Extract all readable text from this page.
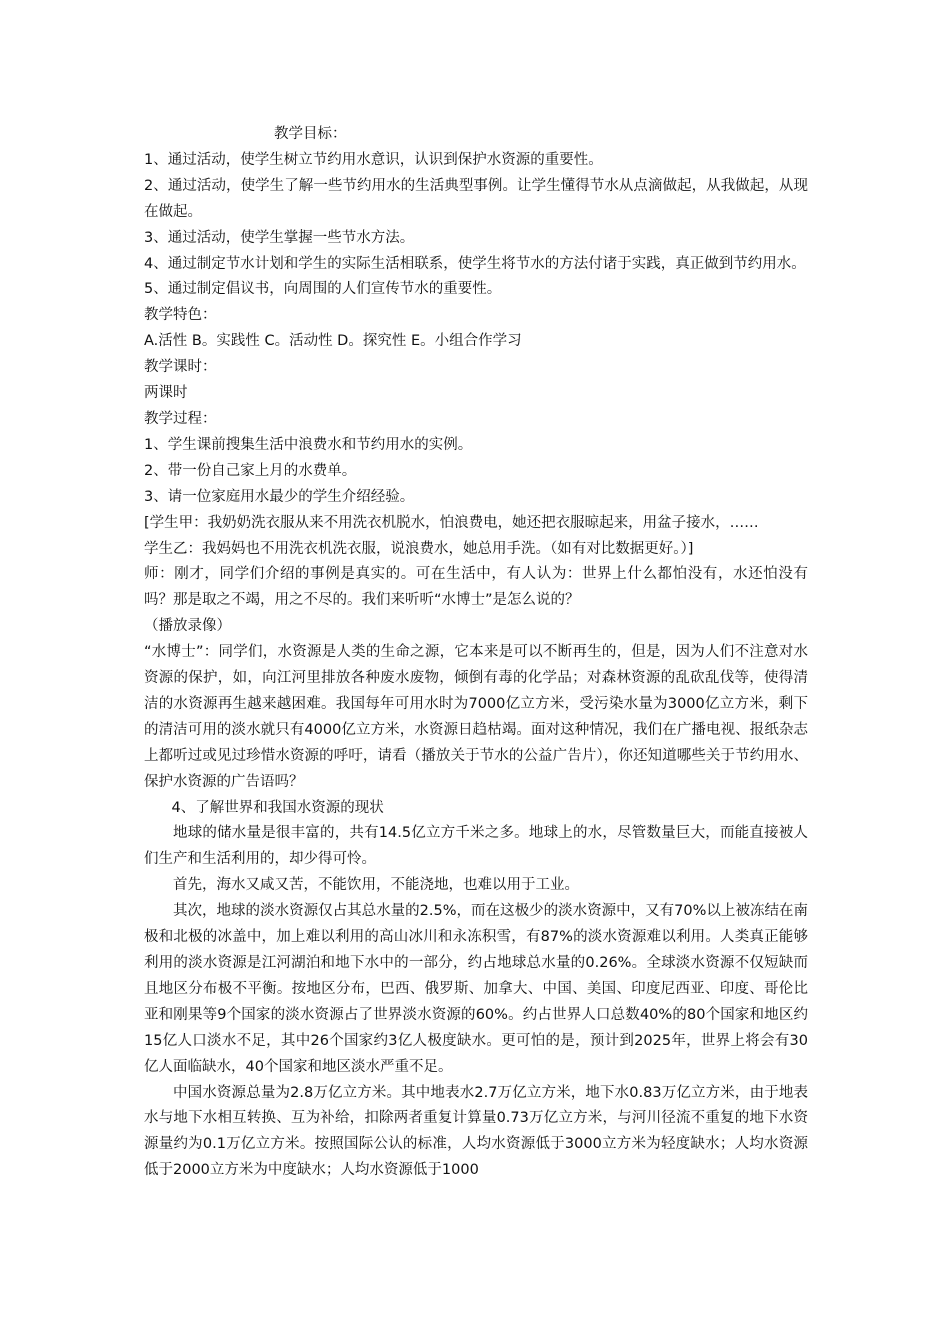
教学目标：

1、通过活动，使学生树立节约用水意识，认识到保护水资源的重要性。

2、通过活动，使学生了解一些节约用水的生活典型事例。让学生懂得节水从点滴做起，从我做起，从现在做起。

3、通过活动，使学生掌握一些节水方法。

4、通过制定节水计划和学生的实际生活相联系，使学生将节水的方法付诸于实践，真正做到节约用水。

5、通过制定倡议书，向周围的人们宣传节水的重要性。

教学特色：

A.活性 B。实践性 C。活动性 D。探究性 E。小组合作学习

教学课时：

两课时

教学过程：

1、学生课前搜集生活中浪费水和节约用水的实例。

2、带一份自己家上月的水费单。

3、请一位家庭用水最少的学生介绍经验。

[学生甲：我奶奶洗衣服从来不用洗衣机脱水，怕浪费电，她还把衣服晾起来，用盆子接水，……

学生乙：我妈妈也不用洗衣机洗衣服，说浪费水，她总用手洗。（如有对比数据更好。）]

师：刚才，同学们介绍的事例是真实的。可在生活中，有人认为：世界上什么都怕没有，水还怕没有吗？那是取之不竭，用之不尽的。我们来听听“水博士”是怎么说的？

（播放录像）

“水博士”：同学们，水资源是人类的生命之源，它本来是可以不断再生的，但是，因为人们不注意对水资源的保护，如，向江河里排放各种废水废物，倾倒有毒的化学品；对森林资源的乱砍乱伐等，使得清洁的水资源再生越来越困难。我国每年可用水时为7000亿立方米，受污染水量为3000亿立方米，剩下的清洁可用的淡水就只有4000亿立方米，水资源日趋枯竭。面对这种情况，我们在广播电视、报纸杂志上都听过或见过珍惜水资源的呼吁，请看（播放关于节水的公益广告片），你还知道哪些关于节约用水、保护水资源的广告语吗？

4、了解世界和我国水资源的现状

地球的储水量是很丰富的，共有14.5亿立方千米之多。地球上的水，尽管数量巨大，而能直接被人们生产和生活利用的，却少得可怜。

首先，海水又咸又苦，不能饮用，不能浇地，也难以用于工业。

其次，地球的淡水资源仅占其总水量的2.5%，而在这极少的淡水资源中，又有70%以上被冻结在南极和北极的冰盖中，加上难以利用的高山冰川和永冻积雪，有87%的淡水资源难以利用。人类真正能够利用的淡水资源是江河湖泊和地下水中的一部分，约占地球总水量的0.26%。全球淡水资源不仅短缺而且地区分布极不平衡。按地区分布，巴西、俄罗斯、加拿大、中国、美国、印度尼西亚、印度、哥伦比亚和刚果等9个国家的淡水资源占了世界淡水资源的60%。约占世界人口总数40%的80个国家和地区约15亿人口淡水不足，其中26个国家约3亿人极度缺水。更可怕的是，预计到2025年，世界上将会有30亿人面临缺水，40个国家和地区淡水严重不足。

中国水资源总量为2.8万亿立方米。其中地表水2.7万亿立方米，地下水0.83万亿立方米，由于地表水与地下水相互转换、互为补给，扣除两者重复计算量0.73万亿立方米，与河川径流不重复的地下水资源量约为0.1万亿立方米。按照国际公认的标准，人均水资源低于3000立方米为轻度缺水；人均水资源低于2000立方米为中度缺水；人均水资源低于1000
